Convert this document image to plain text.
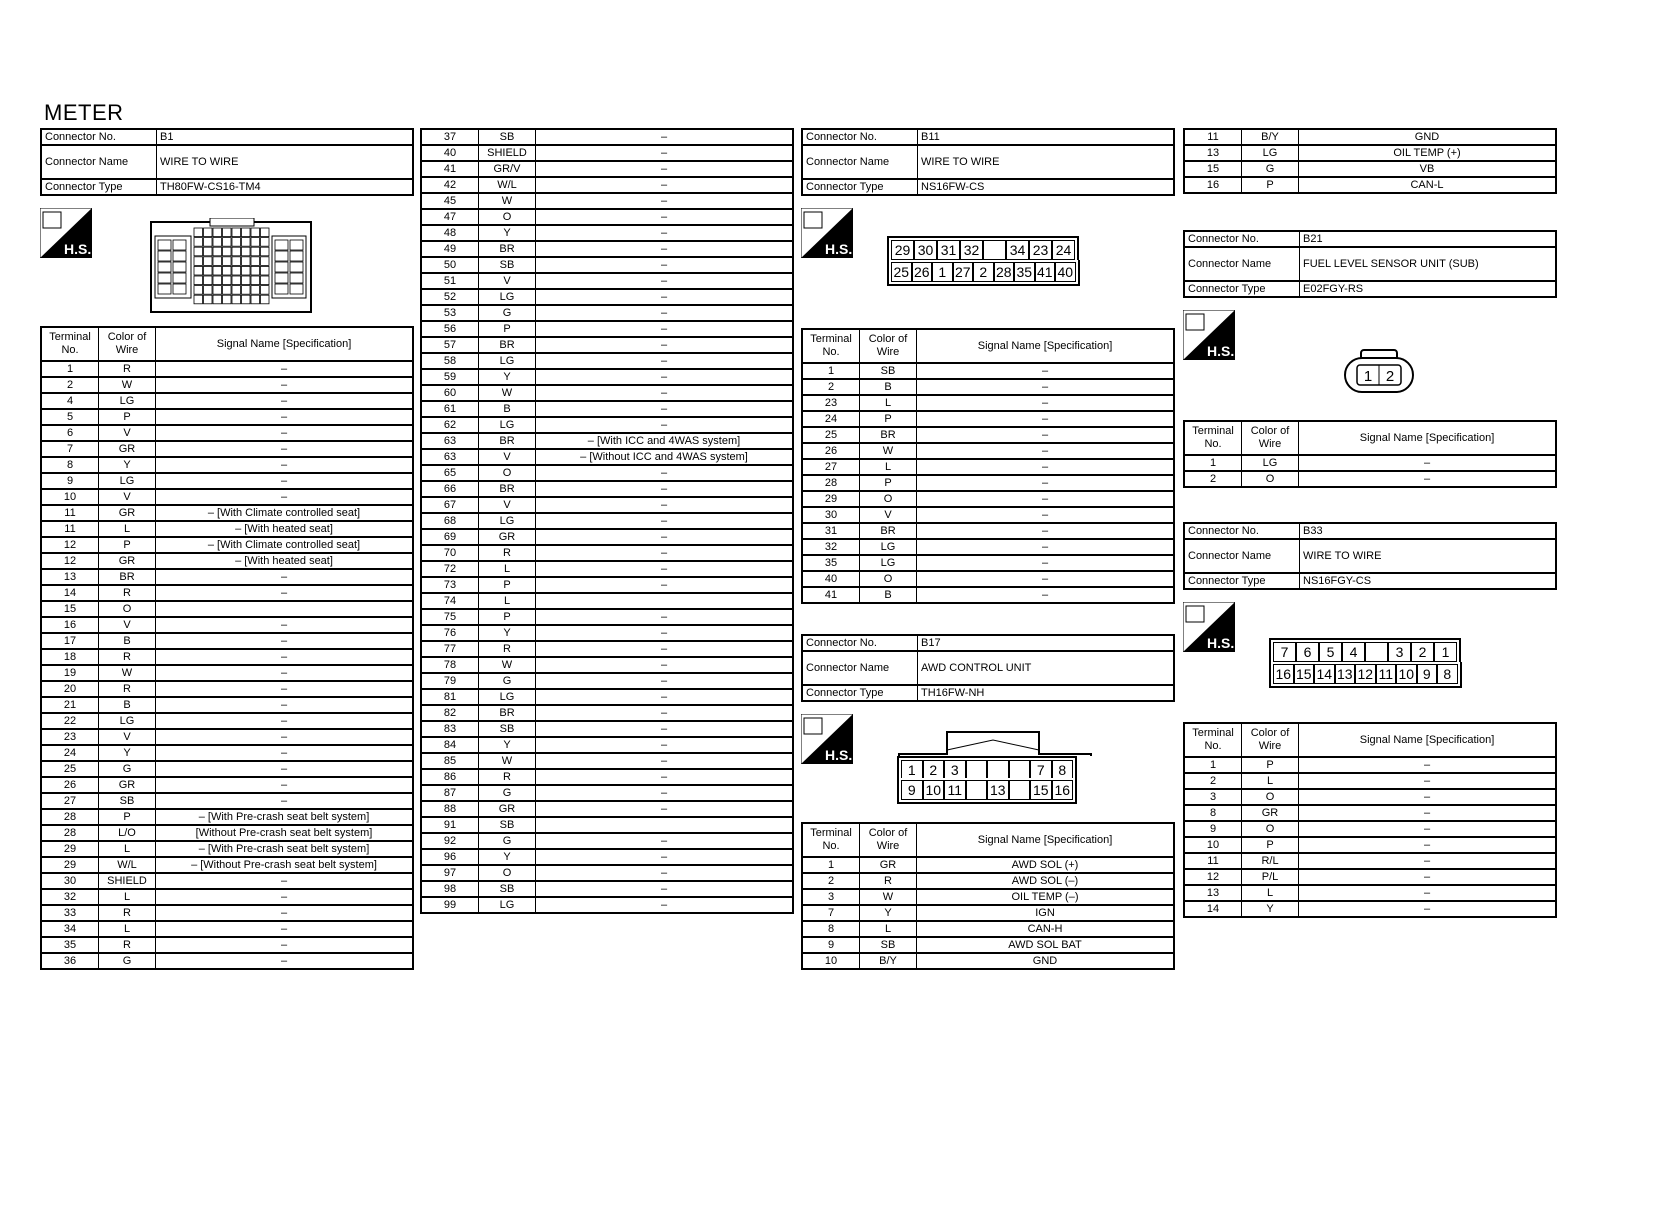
METER
Connector No.	B1
Connector Name	WIRE TO WIRE
Connector Type	TH80FW-CS16-TM4
H.S.
Terminal No.	Color of Wire	Signal Name [Specification]
1	R	–
2	W	–
4	LG	–
5	P	–
6	V	–
7	GR	–
8	Y	–
9	LG	–
10	V	–
11	GR	– [With Climate controlled seat]
11	L	– [With heated seat]
12	P	– [With Climate controlled seat]
12	GR	– [With heated seat]
13	BR	–
14	R	–
15	O	
16	V	–
17	B	–
18	R	–
19	W	–
20	R	–
21	B	–
22	LG	–
23	V	–
24	Y	–
25	G	–
26	GR	–
27	SB	–
28	P	– [With Pre-crash seat belt system]
28	L/O	[Without Pre-crash seat belt system]
29	L	– [With Pre-crash seat belt system]
29	W/L	– [Without Pre-crash seat belt system]
30	SHIELD	–
32	L	–
33	R	–
34	L	–
35	R	–
36	G	–
37	SB	–
40	SHIELD	–
41	GR/V	–
42	W/L	–
45	W	–
47	O	–
48	Y	–
49	BR	–
50	SB	–
51	V	–
52	LG	–
53	G	–
56	P	–
57	BR	–
58	LG	–
59	Y	–
60	W	–
61	B	–
62	LG	–
63	BR	– [With ICC and 4WAS system]
63	V	– [Without ICC and 4WAS system]
65	O	–
66	BR	–
67	V	–
68	LG	–
69	GR	–
70	R	–
72	L	–
73	P	–
74	L	
75	P	–
76	Y	–
77	R	–
78	W	–
79	G	–
81	LG	–
82	BR	–
83	SB	–
84	Y	–
85	W	–
86	R	–
87	G	–
88	GR	–
91	SB	
92	G	–
96	Y	–
97	O	–
98	SB	–
99	LG	–
Connector No.	B11
Connector Name	WIRE TO WIRE
Connector Type	NS16FW-CS
H.S.	29 30 31 32 34 23 24
25 26 1 27 2 28 35 41 40
Terminal No.	Color of Wire	Signal Name [Specification]
1	SB	–
2	B	–
23	L	–
24	P	–
25	BR	–
26	W	–
27	L	–
28	P	–
29	O	–
30	V	–
31	BR	–
32	LG	–
35	LG	–
40	O	–
41	B	–
Connector No.	B17
Connector Name	AWD CONTROL UNIT
Connector Type	TH16FW-NH
H.S.
1 2 3	7 8
9 10 11 13 15 16
Terminal No.	Color of Wire	Signal Name [Specification]
1	GR	AWD SOL (+)
2	R	AWD SOL (–)
3	W	OIL TEMP (–)
7	Y	IGN
8	L	CAN-H
9	SB	AWD SOL BAT
10	B/Y	GND
11	B/Y	GND
13	LG	OIL TEMP (+)
15	G	VB
16	P	CAN-L
Connector No.	B21
Connector Name	FUEL LEVEL SENSOR UNIT (SUB)
Connector Type	E02FGY-RS
H.S.
1 2
Terminal No.	Color of Wire	Signal Name [Specification]
1	LG	–
2	O	–
Connector No.	B33
Connector Name	WIRE TO WIRE
Connector Type	NS16FGY-CS
H.S.
7	6	5	4	3	2	1
16 15 14 13 12 11 10 9 8
Terminal No.	Color of Wire	Signal Name [Specification]
1	P	–
2	L	–
3	O	–
8	GR	–
9	O	–
10	P	–
11	R/L	–
12	P/L	–
13	L	–
14	Y	–
